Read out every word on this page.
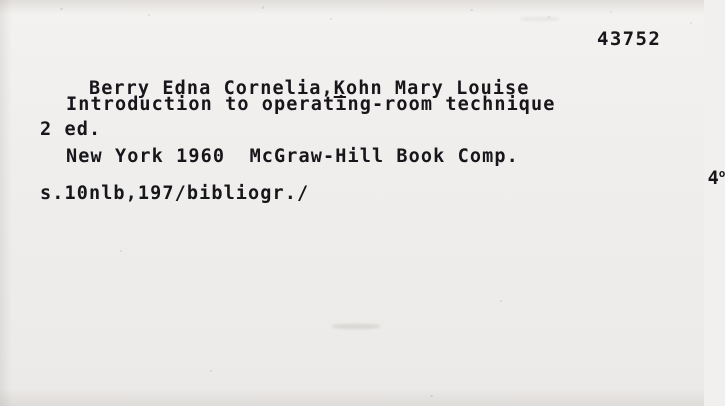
43752

Berry Edna Cornelia,Kohn Mary Louise

Introduction to operating-room technique
2 ed.
New York 1960  McGraw-Hill Book Comp.

4$^o$

s.10nlb,197/bibliogr./
